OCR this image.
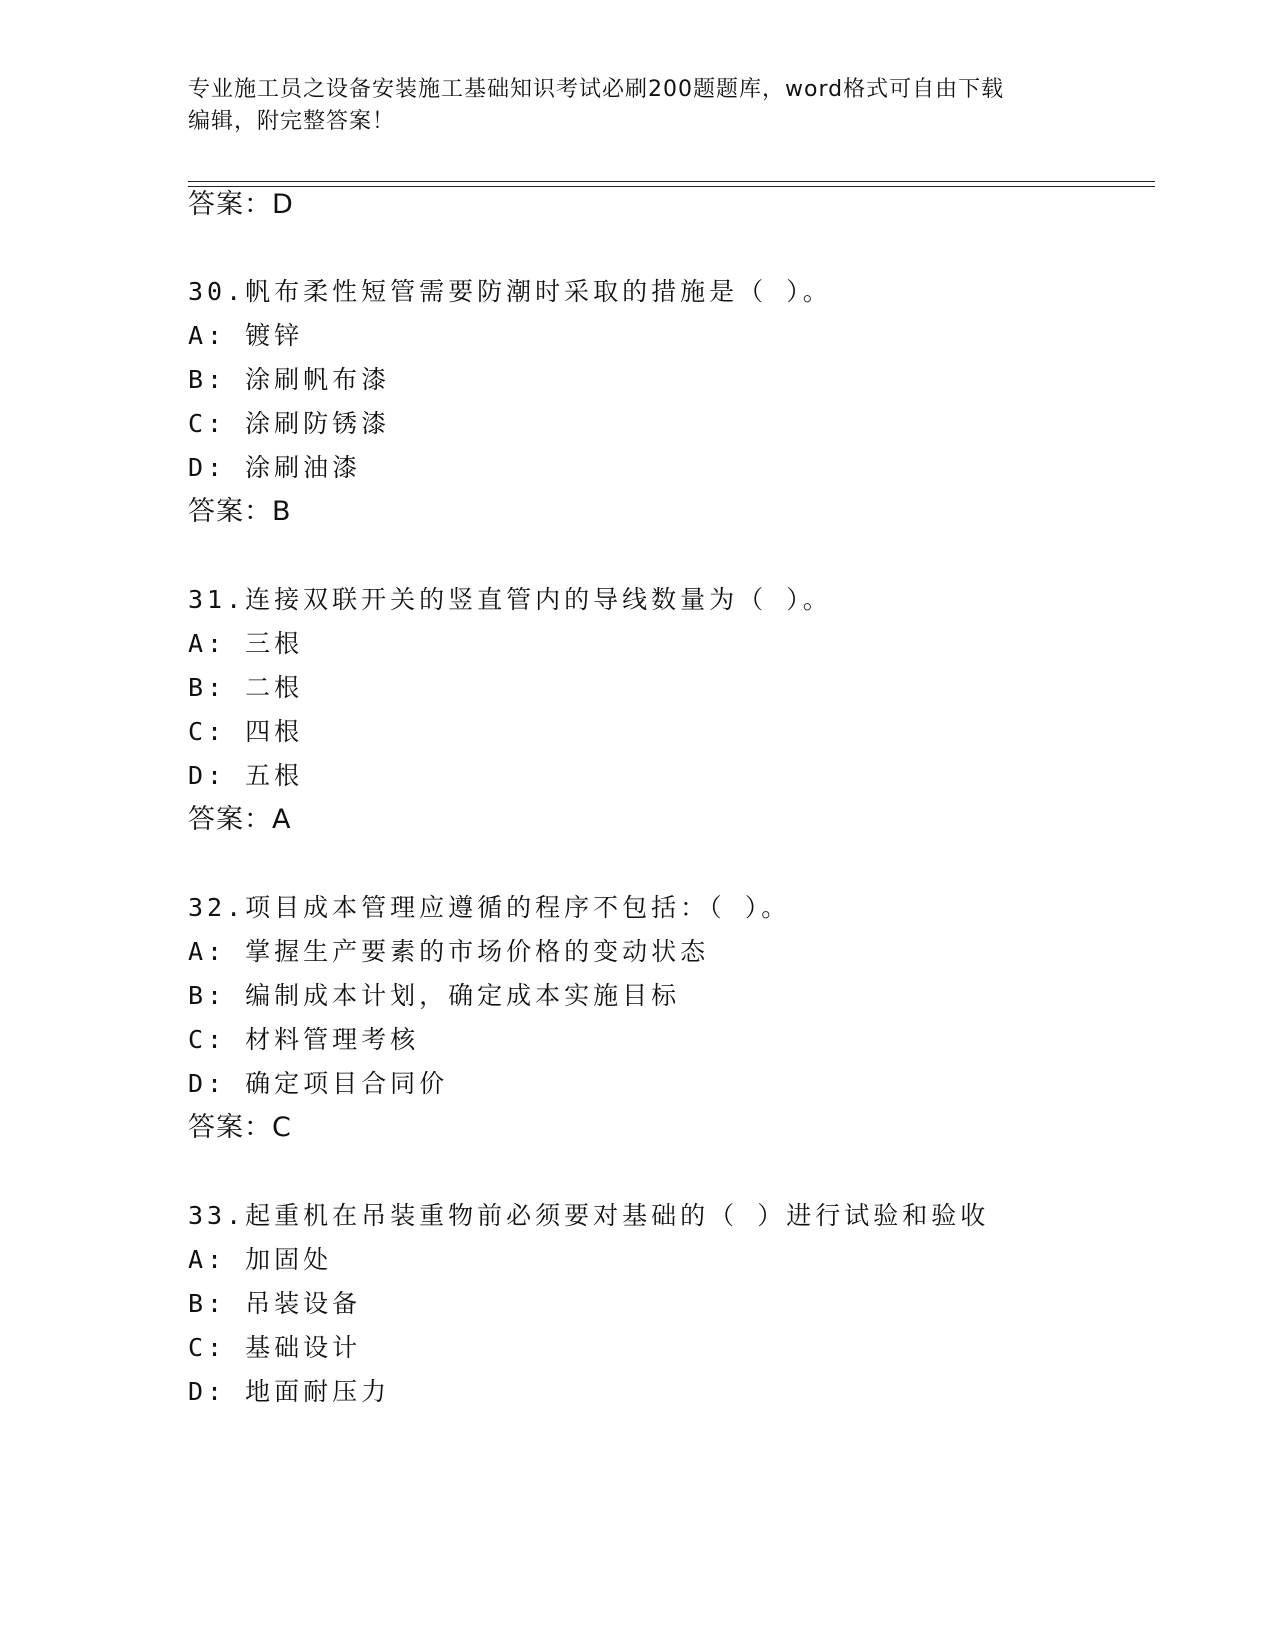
专业施工员之设备安装施工基础知识考试必刷200题题库，word格式可自由下载
编辑，附完整答案！
答案：D
30.帆布柔性短管需要防潮时采取的措施是（ ）。
A: 镀锌
B: 涂刷帆布漆
C: 涂刷防锈漆
D: 涂刷油漆
答案：B
31.连接双联开关的竖直管内的导线数量为（ ）。
A: 三根
B: 二根
C: 四根
D: 五根
答案：A
32.项目成本管理应遵循的程序不包括：（ ）。
A: 掌握生产要素的市场价格的变动状态
B: 编制成本计划，确定成本实施目标
C: 材料管理考核
D: 确定项目合同价
答案：C
33.起重机在吊装重物前必须要对基础的（ ）进行试验和验收
A: 加固处
B: 吊装设备
C: 基础设计
D: 地面耐压力
